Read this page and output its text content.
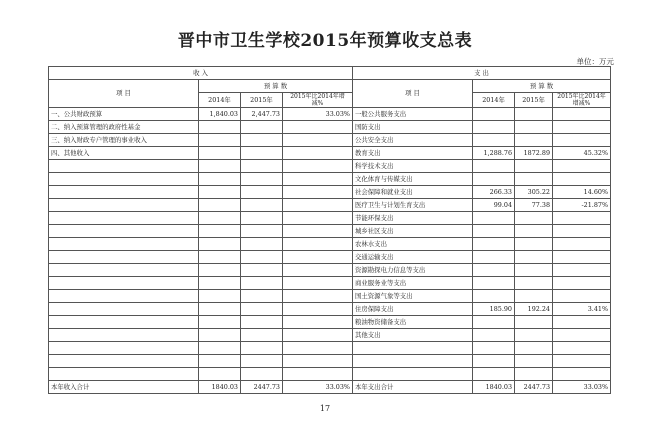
晋中市卫生学校2015年预算收支总表
单位：万元
收 入				支 出			
项 目	预 算 数			项 目	预 算 数		
	2014年	2015年	2015年比2014年增减%		2014年	2015年	2015年比2014年增减%
一、公共财政预算	1,840.03	2,447.73	33.03%	一般公共服务支出			
二、纳入预算管理的政府性基金				国防支出			
三、纳入财政专户管理的事业收入				公共安全支出			
四、其他收入				教育支出	1,288.76	1872.89	45.32%
				科学技术支出			
				文化体育与传媒支出			
				社会保障和就业支出	266.33	305.22	14.60%
				医疗卫生与计划生育支出	99.04	77.38	-21.87%
				节能环保支出			
				城乡社区支出			
				农林水支出			
				交通运输支出			
				资源勘探电力信息等支出			
				商业服务业等支出			
				国土资源气象等支出			
				住房保障支出	185.90	192.24	3.41%
				粮油物资储备支出			
				其他支出			

本年收入合计	1840.03	2447.73	33.03%	本年支出合计	1840.03	2447.73	33.03%
17
